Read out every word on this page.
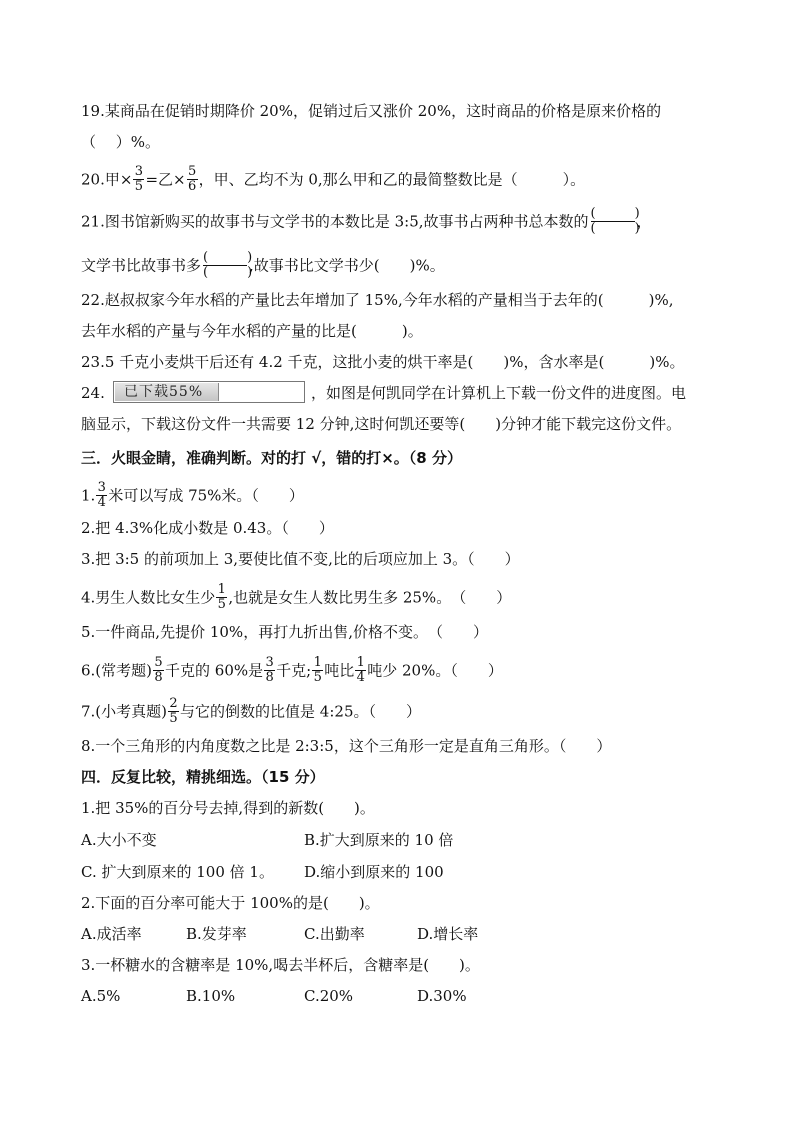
19.某商品在促销时期降价 20%，促销过后又涨价 20%，这时商品的价格是原来价格的
（　 ）%。
20.甲× $\frac{3}{5}$ =乙× $\frac{5}{6}$ ，甲、乙均不为 0,那么甲和乙的最简整数比是（　　　）。
21.图书馆新购买的故事书与文学书的本数比是 3:5,故事书占两种书总本数的 $\frac{( )}{( )}$ ，
文学书比故事书多 $\frac{( )}{( )}$ ,故事书比文学书少(　　)%。
22.赵叔叔家今年水稻的产量比去年增加了 15%,今年水稻的产量相当于去年的(　　　)%,
去年水稻的产量与今年水稻的产量的比是(　　　)。
23.5 千克小麦烘干后还有 4.2 千克，这批小麦的烘干率是(　　)%，含水率是(　　　)%。
24. 已下载55%	，如图是何凯同学在计算机上下载一份文件的进度图。电
脑显示，下载这份文件一共需要 12 分钟,这时何凯还要等(　　)分钟才能下载完这份文件。
三．火眼金睛，准确判断。对的打 √，错的打×。（8 分）
1. $\frac{3}{4}$ 米可以写成 75%米。（　　）
2.把 4.3%化成小数是 0.43。（　　）
3.把 3:5 的前项加上 3,要使比值不变,比的后项应加上 3。（　　）
4.男生人数比女生少 $\frac{1}{5}$ ,也就是女生人数比男生多 25%。　（　　）
5.一件商品,先提价 10%，再打九折出售,价格不变。　（　　）
6.(常考题) $\frac{5}{8}$ 千克的 60%是 $\frac{3}{8}$ 千克; $\frac{1}{5}$ 吨比 $\frac{1}{4}$ 吨少 20%。（　　）
7.(小考真题) $\frac{2}{5}$ 与它的倒数的比值是 4:25。（　　）
8.一个三角形的内角度数之比是 2:3:5，这个三角形一定是直角三角形。（　　）
四．反复比较，精挑细选。（15 分）
1.把 35%的百分号去掉,得到的新数(　　)。
A.大小不变	B.扩大到原来的 10 倍
C. 扩大到原来的 100 倍 1。 D.缩小到原来的 100
2.下面的百分率可能大于 100%的是(　　)。
A.成活率	B.发芽率	C.出勤率	D.增长率
3.一杯糖水的含糖率是 10%,喝去半杯后，含糖率是(　　)。
A.5%	B.10%	C.20%	D.30%
